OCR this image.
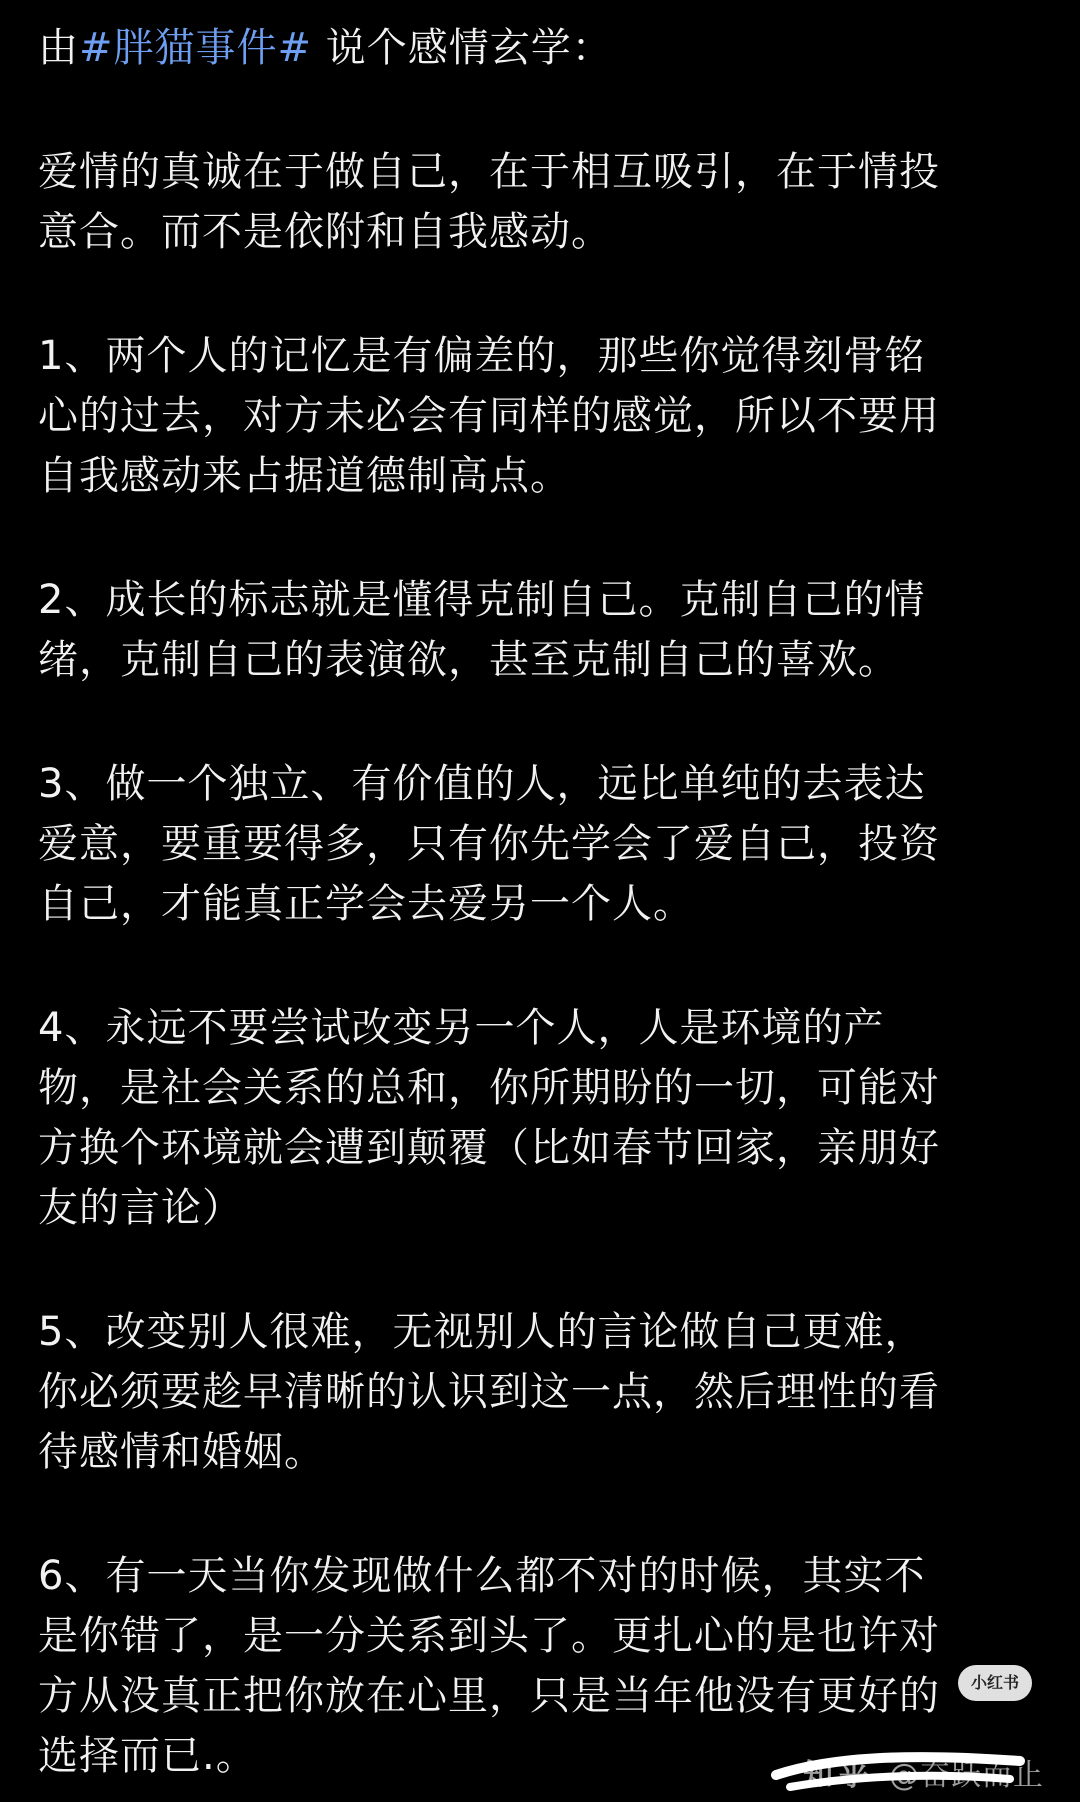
由#胖猫事件# 说个感情玄学：
爱情的真诚在于做自己，在于相互吸引，在于情投
意合。而不是依附和自我感动。
1、两个人的记忆是有偏差的，那些你觉得刻骨铭
心的过去，对方未必会有同样的感觉，所以不要用
自我感动来占据道德制高点。
2、成长的标志就是懂得克制自己。克制自己的情
绪，克制自己的表演欲，甚至克制自己的喜欢。
3、做一个独立、有价值的人，远比单纯的去表达
爱意，要重要得多，只有你先学会了爱自己，投资
自己，才能真正学会去爱另一个人。
4、永远不要尝试改变另一个人，人是环境的产
物，是社会关系的总和，你所期盼的一切，可能对
方换个环境就会遭到颠覆（比如春节回家，亲朋好
友的言论）
5、改变别人很难，无视别人的言论做自己更难，
你必须要趁早清晰的认识到这一点，然后理性的看
待感情和婚姻。
6、有一天当你发现做什么都不对的时候，其实不
是你错了，是一分关系到头了。更扎心的是也许对
方从没真正把你放在心里，只是当年他没有更好的
选择而已.。
小红书
知乎 @奋跃而止
